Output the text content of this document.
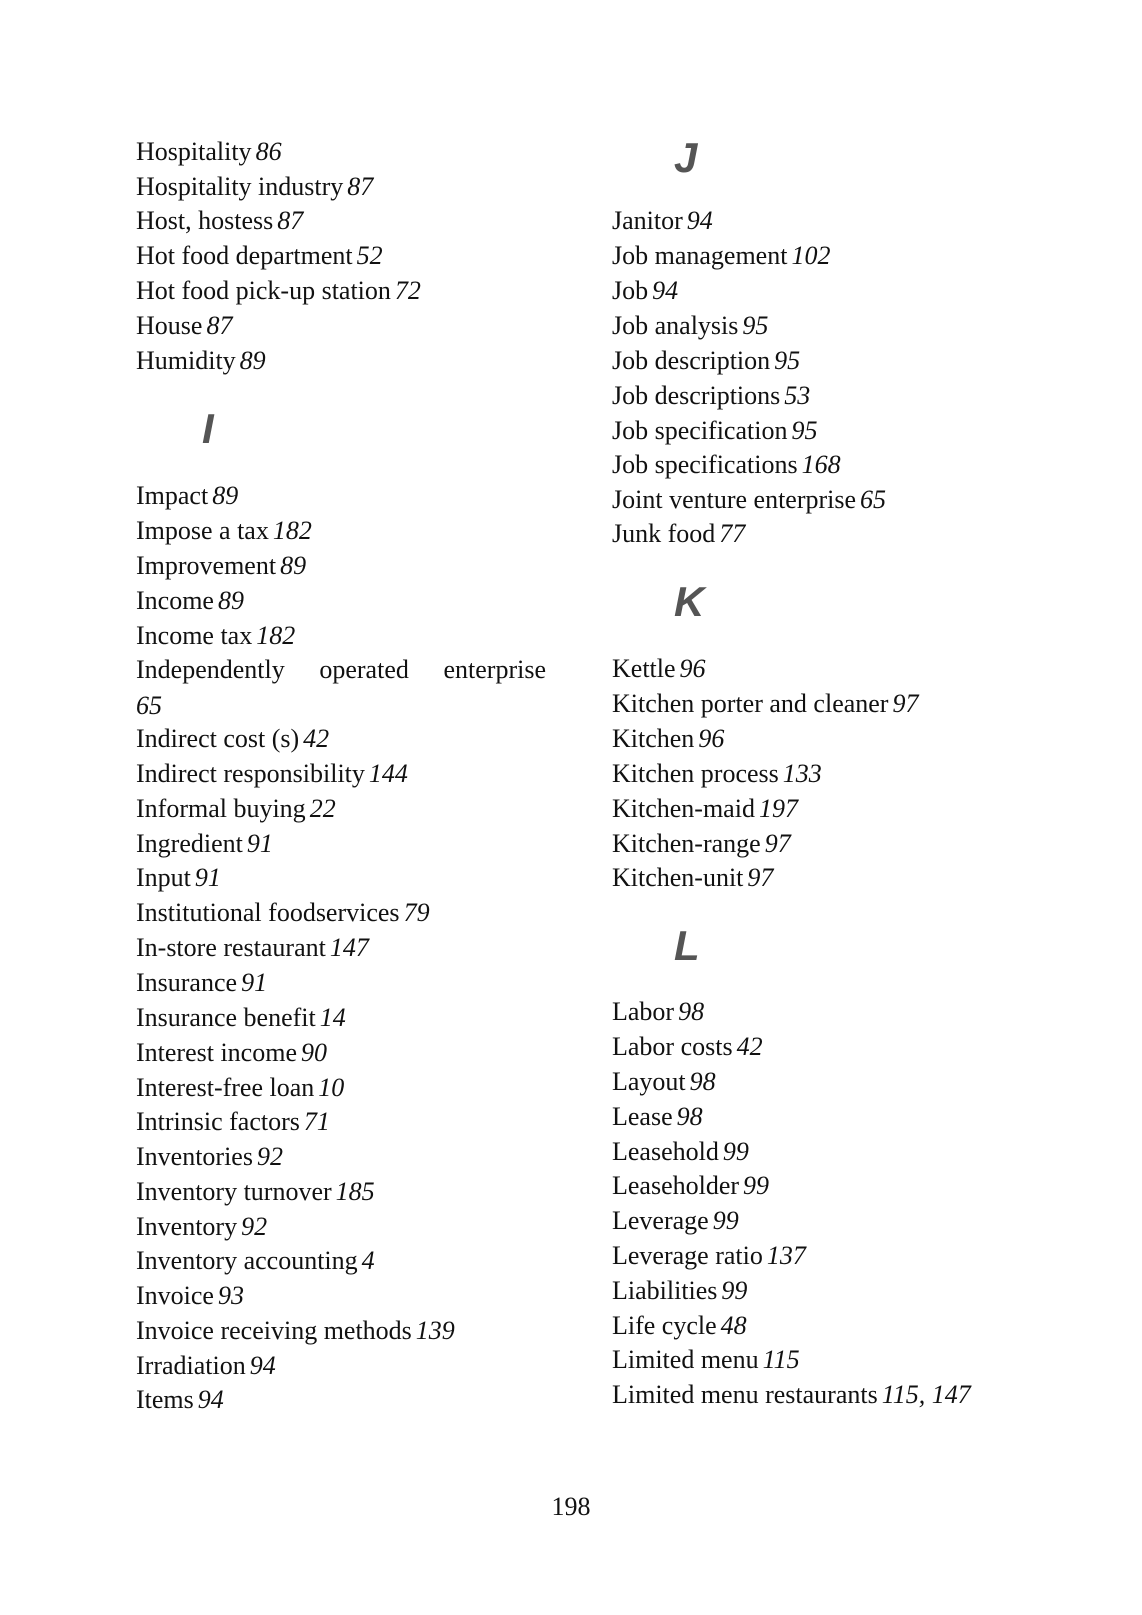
Hospitality 86
Hospitality industry 87
Host, hostess 87
Hot food department 52
Hot food pick-up station 72
House 87
Humidity 89
I
Impact 89
Impose a tax 182
Improvement 89
Income 89
Income tax 182
Independently operated enterprise
65
Indirect cost (s) 42
Indirect responsibility 144
Informal buying 22
Ingredient 91
Input 91
Institutional foodservices 79
In-store restaurant 147
Insurance 91
Insurance benefit 14
Interest income 90
Interest-free loan 10
Intrinsic factors 71
Inventories 92
Inventory turnover 185
Inventory 92
Inventory accounting 4
Invoice 93
Invoice receiving methods 139
Irradiation 94
Items 94
J
Janitor 94
Job management 102
Job 94
Job analysis 95
Job description 95
Job descriptions 53
Job specification 95
Job specifications 168
Joint venture enterprise 65
Junk food 77
K
Kettle 96
Kitchen porter and cleaner 97
Kitchen 96
Kitchen process 133
Kitchen-maid 197
Kitchen-range 97
Kitchen-unit 97
L
Labor 98
Labor costs 42
Layout 98
Lease 98
Leasehold 99
Leaseholder 99
Leverage 99
Leverage ratio 137
Liabilities 99
Life cycle 48
Limited menu 115
Limited menu restaurants 115, 147
198
